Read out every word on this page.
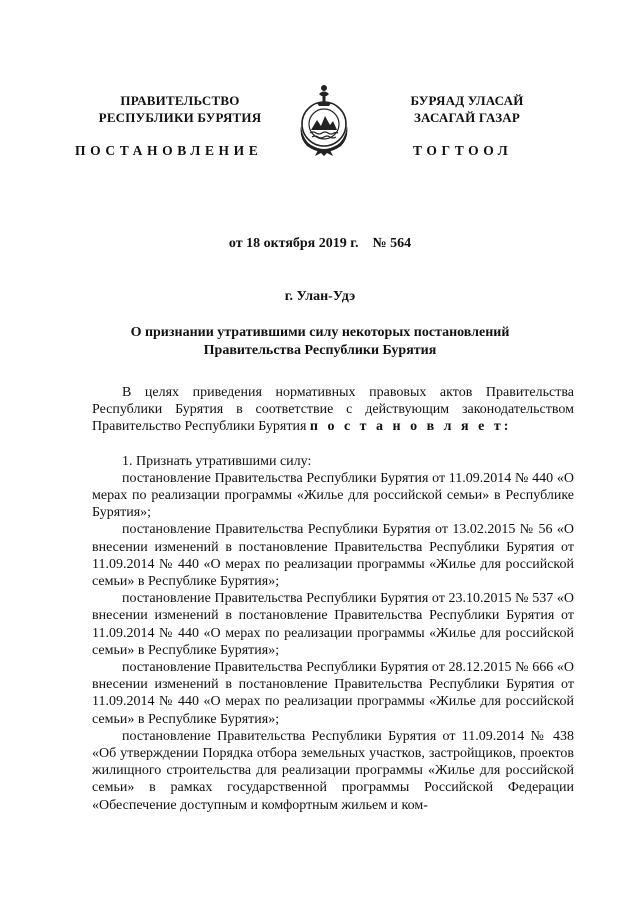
ПРАВИТЕЛЬСТВО
РЕСПУБЛИКИ БУРЯТИЯ
ПОСТАНОВЛЕНИЕ
БУРЯАД УЛАСАЙ
ЗАСАГАЙ ГАЗАР
ТОГТООЛ
от 18 октября 2019 г. № 564
г. Улан-Удэ
О признании утратившими силу некоторых постановлений
Правительства Республики Бурятия

В целях приведения нормативных правовых актов Правительства Республики Бурятия в соответствие с действующим законодательством Правительство Республики Бурятия п о с т а н о в л я е т:

1. Признать утратившими силу:

постановление Правительства Республики Бурятия от 11.09.2014 № 440 «О мерах по реализации программы «Жилье для российской семьи» в Республике Бурятия»;

постановление Правительства Республики Бурятия от 13.02.2015 № 56 «О внесении изменений в постановление Правительства Республики Бурятия от 11.09.2014 № 440 «О мерах по реализации программы «Жилье для российской семьи» в Республике Бурятия»;

постановление Правительства Республики Бурятия от 23.10.2015 № 537 «О внесении изменений в постановление Правительства Республики Бурятия от 11.09.2014 № 440 «О мерах по реализации программы «Жилье для российской семьи» в Республике Бурятия»;

постановление Правительства Республики Бурятия от 28.12.2015 № 666 «О внесении изменений в постановление Правительства Республики Бурятия от 11.09.2014 № 440 «О мерах по реализации программы «Жилье для российской семьи» в Республике Бурятия»;

постановление Правительства Республики Бурятия от 11.09.2014 № 438 «Об утверждении Порядка отбора земельных участков, застройщиков, проектов жилищного строительства для реализации программы «Жилье для российской семьи» в рамках государственной программы Российской Федерации «Обеспечение доступным и комфортным жильем и ком-
